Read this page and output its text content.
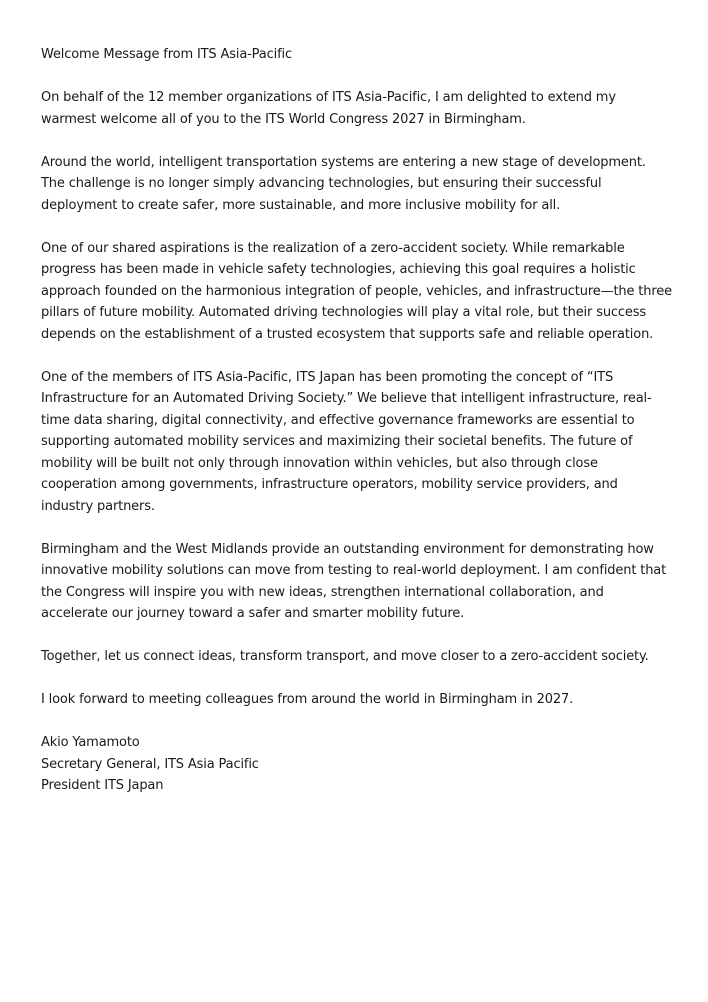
Welcome Message from ITS Asia-Pacific

On behalf of the 12 member organizations of ITS Asia-Pacific, I am delighted to extend my warmest welcome all of you to the ITS World Congress 2027 in Birmingham.

Around the world, intelligent transportation systems are entering a new stage of development. The challenge is no longer simply advancing technologies, but ensuring their successful deployment to create safer, more sustainable, and more inclusive mobility for all.

One of our shared aspirations is the realization of a zero-accident society. While remarkable progress has been made in vehicle safety technologies, achieving this goal requires a holistic approach founded on the harmonious integration of people, vehicles, and infrastructure—the three pillars of future mobility. Automated driving technologies will play a vital role, but their success depends on the establishment of a trusted ecosystem that supports safe and reliable operation.

One of the members of ITS Asia-Pacific, ITS Japan has been promoting the concept of “ITS Infrastructure for an Automated Driving Society.” We believe that intelligent infrastructure, real-time data sharing, digital connectivity, and effective governance frameworks are essential to supporting automated mobility services and maximizing their societal benefits. The future of mobility will be built not only through innovation within vehicles, but also through close cooperation among governments, infrastructure operators, mobility service providers, and industry partners.

Birmingham and the West Midlands provide an outstanding environment for demonstrating how innovative mobility solutions can move from testing to real-world deployment. I am confident that the Congress will inspire you with new ideas, strengthen international collaboration, and accelerate our journey toward a safer and smarter mobility future.

Together, let us connect ideas, transform transport, and move closer to a zero-accident society.

I look forward to meeting colleagues from around the world in Birmingham in 2027.

Akio Yamamoto
Secretary General, ITS Asia Pacific
President ITS Japan
